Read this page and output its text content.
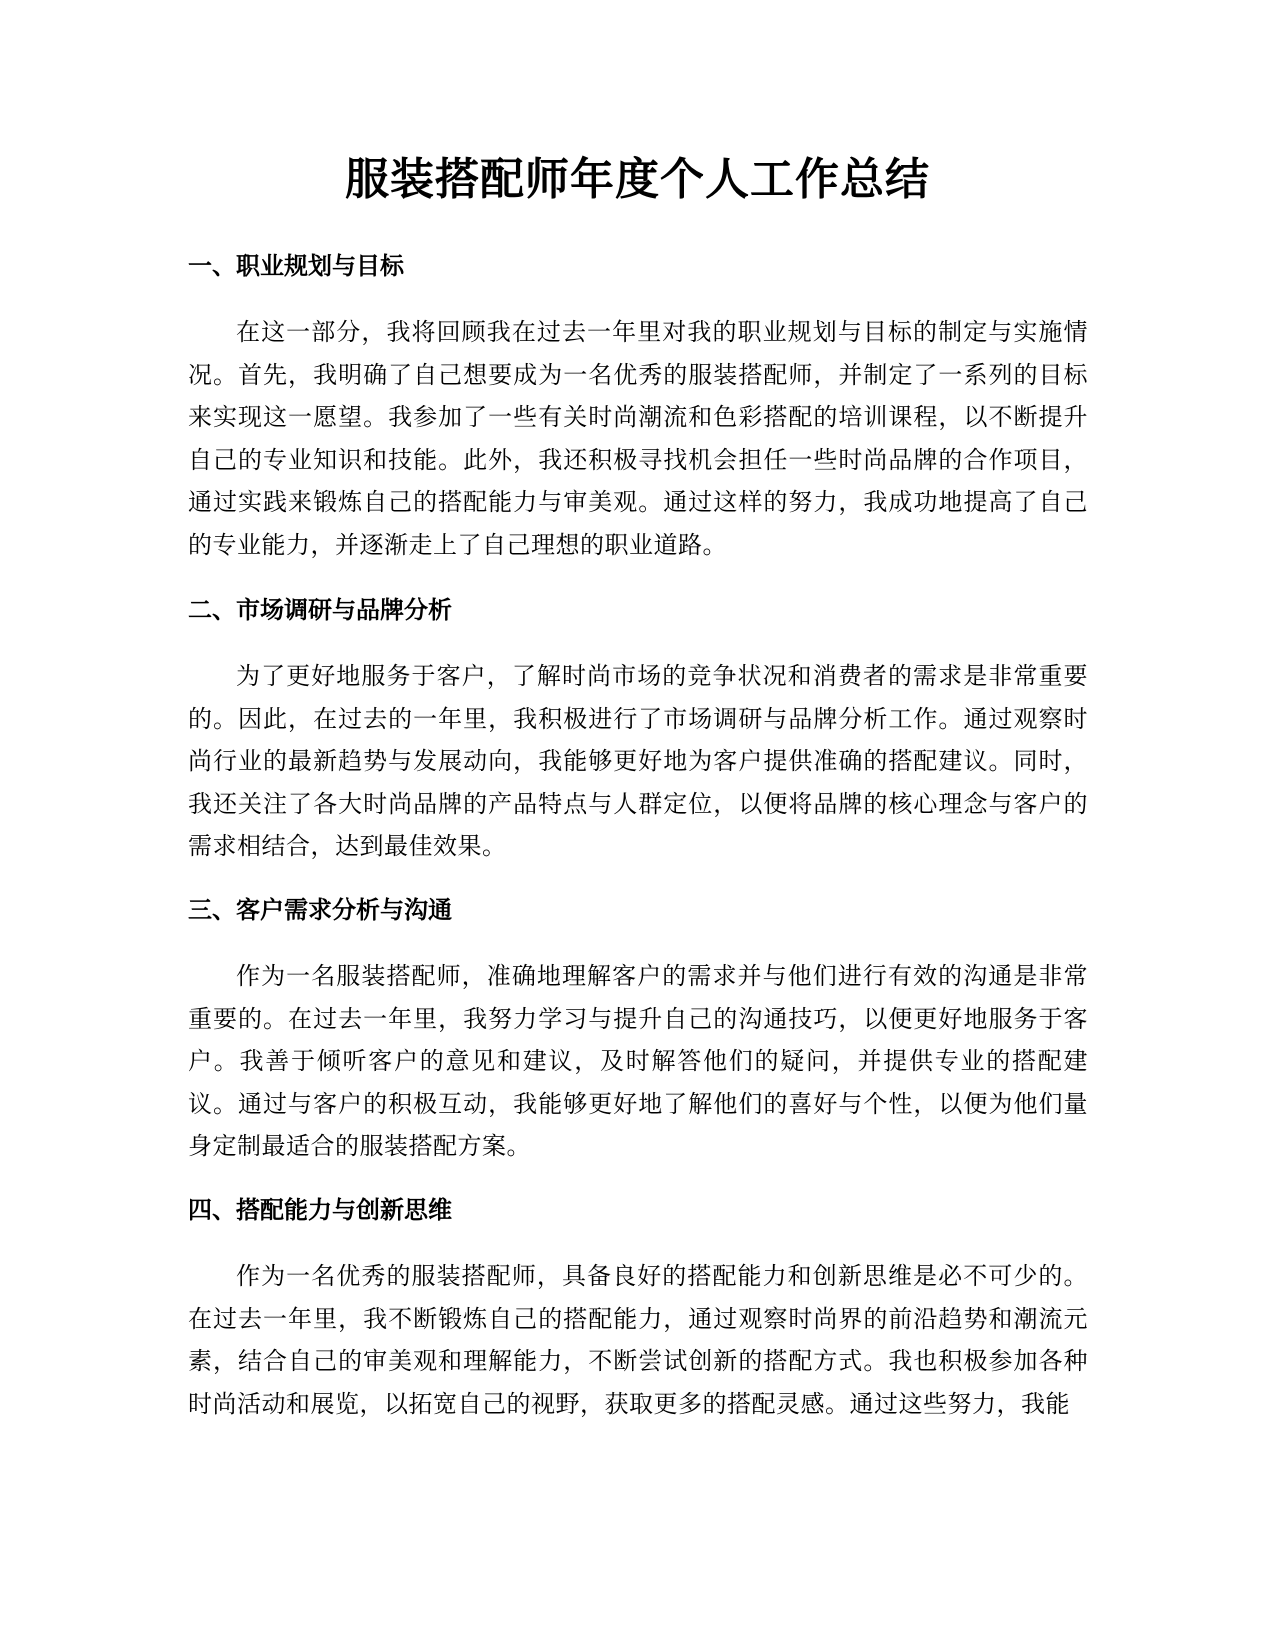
服装搭配师年度个人工作总结
一、职业规划与目标

在这一部分，我将回顾我在过去一年里对我的职业规划与目标的制定与实施情况。首先，我明确了自己想要成为一名优秀的服装搭配师，并制定了一系列的目标来实现这一愿望。我参加了一些有关时尚潮流和色彩搭配的培训课程，以不断提升自己的专业知识和技能。此外，我还积极寻找机会担任一些时尚品牌的合作项目，通过实践来锻炼自己的搭配能力与审美观。通过这样的努力，我成功地提高了自己的专业能力，并逐渐走上了自己理想的职业道路。

二、市场调研与品牌分析

为了更好地服务于客户，了解时尚市场的竞争状况和消费者的需求是非常重要的。因此，在过去的一年里，我积极进行了市场调研与品牌分析工作。通过观察时尚行业的最新趋势与发展动向，我能够更好地为客户提供准确的搭配建议。同时，我还关注了各大时尚品牌的产品特点与人群定位，以便将品牌的核心理念与客户的需求相结合，达到最佳效果。

三、客户需求分析与沟通

作为一名服装搭配师，准确地理解客户的需求并与他们进行有效的沟通是非常重要的。在过去一年里，我努力学习与提升自己的沟通技巧，以便更好地服务于客户。我善于倾听客户的意见和建议，及时解答他们的疑问，并提供专业的搭配建议。通过与客户的积极互动，我能够更好地了解他们的喜好与个性，以便为他们量身定制最适合的服装搭配方案。

四、搭配能力与创新思维

作为一名优秀的服装搭配师，具备良好的搭配能力和创新思维是必不可少的。在过去一年里，我不断锻炼自己的搭配能力，通过观察时尚界的前沿趋势和潮流元素，结合自己的审美观和理解能力，不断尝试创新的搭配方式。我也积极参加各种时尚活动和展览，以拓宽自己的视野，获取更多的搭配灵感。通过这些努力，我能
